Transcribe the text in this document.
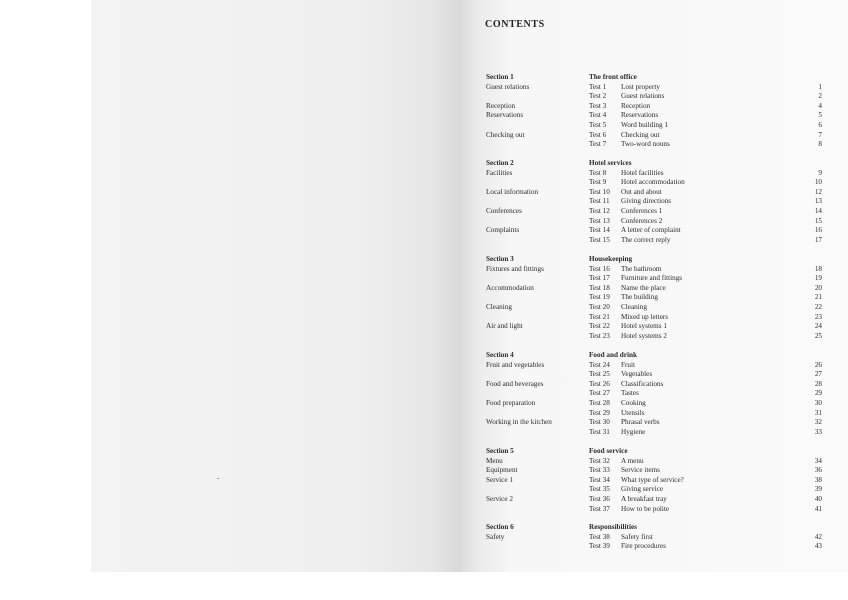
CONTENTS
Section 1	The front office
Guest relations	Test 1 Lost property	1
Test 2 Guest relations	2
Reception	Test 3 Reception	4
Reservations	Test 4 Reservations	5
Test 5 Word building 1	6
Checking out	Test 6 Checking out	7
Test 7 Two-word nouns	8
Section 2	Hotel services
Facilities	Test 8 Hotel facilities	9
Test 9 Hotel accommodation	10
Local information	Test 10 Out and about	12
Test 11 Giving directions	13
Conferences	Test 12 Conferences 1	14
Test 13 Conferences 2	15
Complaints	Test 14 A letter of complaint	16
Test 15 The correct reply	17
Section 3	Housekeeping
Fixtures and fittings	Test 16 The bathroom	18
Test 17 Furniture and fittings	19
Accommodation	Test 18 Name the place	20
Test 19 The building	21
Cleaning	Test 20 Cleaning	22
Test 21 Mixed up letters	23
Air and light	Test 22 Hotel systems 1	24
Test 23 Hotel systems 2	25
Section 4	Food and drink
Fruit and vegetables	Test 24 Fruit	26
Test 25 Vegetables	27
Food and beverages	Test 26 Classifications	28
Test 27 Tastes	29
Food preparation	Test 28 Cooking	30
Test 29 Utensils	31
Working in the kitchen	Test 30 Phrasal verbs	32
Test 31 Hygiene	33
Section 5	Food service
Menu	Test 32 A menu	34
Equipment	Test 33 Service items	36
Service 1	Test 34 What type of service?	38
Test 35 Giving service	39
Service 2	Test 36 A breakfast tray	40
Test 37 How to be polite	41
Section 6	Responsibilities
Safety	Test 38 Safety first	42
Test 39 Fire procedures	43
